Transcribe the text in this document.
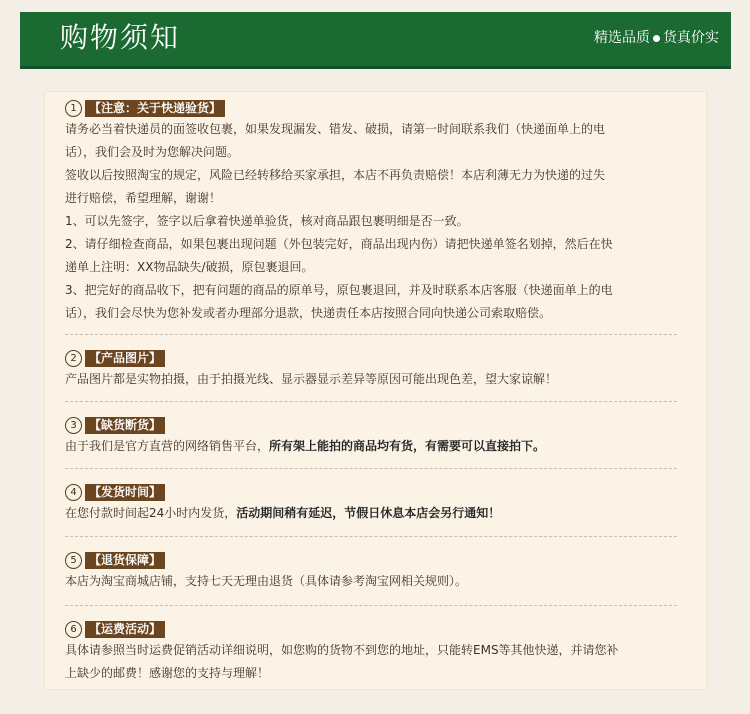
购物须知	精选品质 货真价实
1	【注意：关于快递验货】

请务必当着快递员的面签收包裹，如果发现漏发、错发、破损，请第一时间联系我们（快递面单上的电

话），我们会及时为您解决问题。

签收以后按照淘宝的规定，风险已经转移给买家承担，本店不再负责赔偿！本店利薄无力为快递的过失

进行赔偿，希望理解，谢谢！

1、可以先签字，签字以后拿着快递单验货，核对商品跟包裹明细是否一致。

2、请仔细检查商品，如果包裹出现问题（外包装完好，商品出现内伤）请把快递单签名划掉，然后在快

递单上注明：XX物品缺失/破损，原包裹退回。

3、把完好的商品收下，把有问题的商品的原单号，原包裹退回，并及时联系本店客服（快递面单上的电

话），我们会尽快为您补发或者办理部分退款，快递责任本店按照合同向快递公司索取赔偿。

2	【产品图片】

产品图片都是实物拍摄，由于拍摄光线、显示器显示差异等原因可能出现色差，望大家谅解！

3	【缺货断货】

由于我们是官方直营的网络销售平台，所有架上能拍的商品均有货，有需要可以直接拍下。

4	【发货时间】

在您付款时间起24小时内发货，活动期间稍有延迟，节假日休息本店会另行通知！

5	【退货保障】

本店为淘宝商城店铺，支持七天无理由退货（具体请参考淘宝网相关规则）。

6	【运费活动】

具体请参照当时运费促销活动详细说明，如您购的货物不到您的地址，只能转EMS等其他快递，并请您补

上缺少的邮费！感谢您的支持与理解！
